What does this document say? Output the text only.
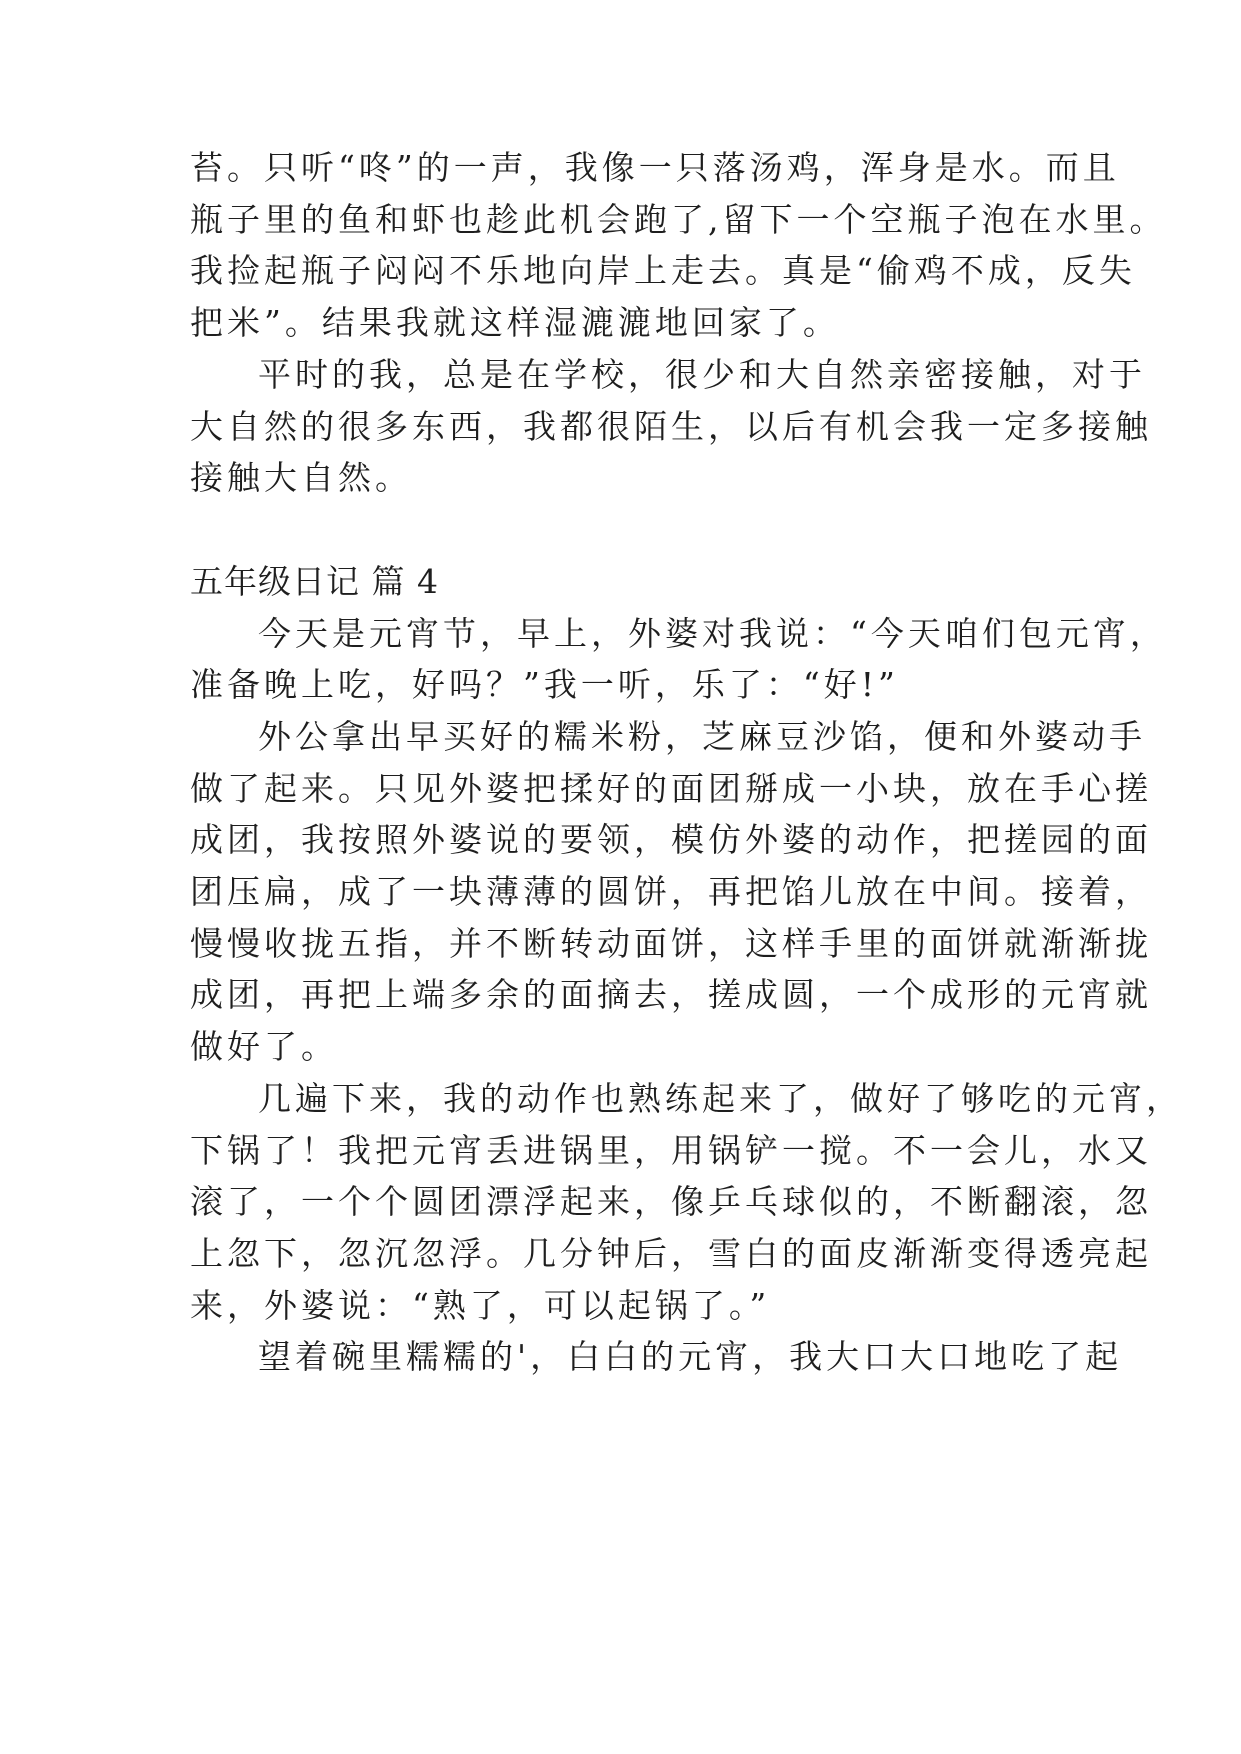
苔。只听“咚”的一声，我像一只落汤鸡，浑身是水。而且
瓶子里的鱼和虾也趁此机会跑了,留下一个空瓶子泡在水里。
我捡起瓶子闷闷不乐地向岸上走去。真是“偷鸡不成，反失
把米”。结果我就这样湿漉漉地回家了。
平时的我，总是在学校，很少和大自然亲密接触，对于
大自然的很多东西，我都很陌生，以后有机会我一定多接触
接触大自然。
五年级日记 篇 4
今天是元宵节，早上，外婆对我说：“今天咱们包元宵，
准备晚上吃，好吗？”我一听，乐了：“好!”
外公拿出早买好的糯米粉，芝麻豆沙馅，便和外婆动手
做了起来。只见外婆把揉好的面团掰成一小块，放在手心搓
成团，我按照外婆说的要领，模仿外婆的动作，把搓园的面
团压扁，成了一块薄薄的圆饼，再把馅儿放在中间。接着，
慢慢收拢五指，并不断转动面饼，这样手里的面饼就渐渐拢
成团，再把上端多余的面摘去，搓成圆，一个成形的元宵就
做好了。
几遍下来，我的动作也熟练起来了，做好了够吃的元宵，
下锅了！我把元宵丢进锅里，用锅铲一搅。不一会儿，水又
滚了，一个个圆团漂浮起来，像乒乓球似的，不断翻滚，忽
上忽下，忽沉忽浮。几分钟后，雪白的面皮渐渐变得透亮起
来，外婆说：“熟了，可以起锅了。”
望着碗里糯糯的'，白白的元宵，我大口大口地吃了起
